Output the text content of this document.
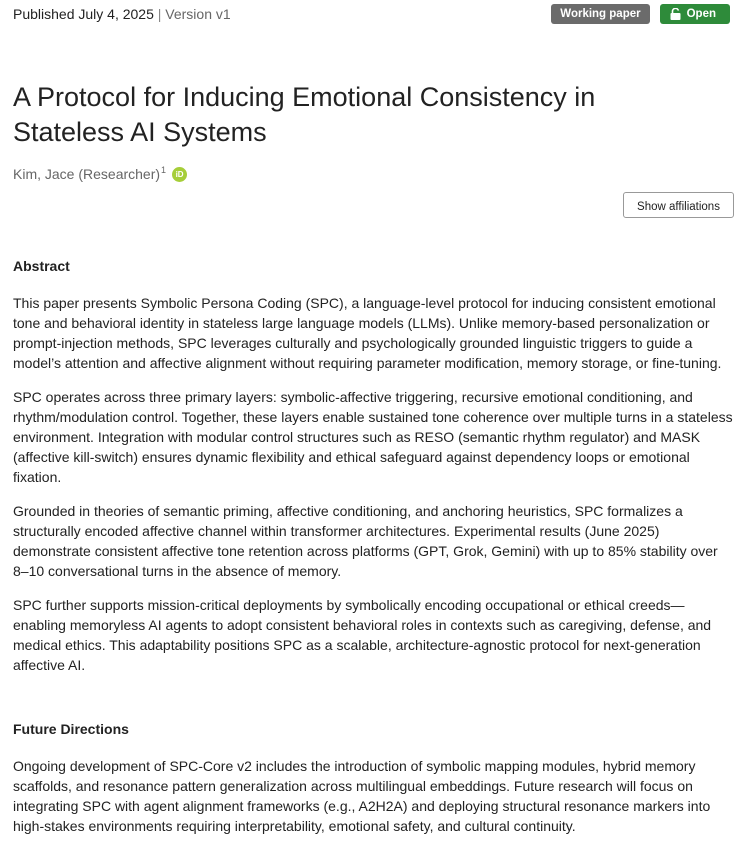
Published July 4, 2025 | Version v1	Working paper	Open
A Protocol for Inducing Emotional Consistency in Stateless AI Systems
Kim, Jace (Researcher)$^1$	iD
Show affiliations
Abstract

This paper presents Symbolic Persona Coding (SPC), a language-level protocol for inducing consistent emotional tone and behavioral identity in stateless large language models (LLMs). Unlike memory-based personalization or prompt-injection methods, SPC leverages culturally and psychologically grounded linguistic triggers to guide a model’s attention and affective alignment without requiring parameter modification, memory storage, or fine-tuning.

SPC operates across three primary layers: symbolic-affective triggering, recursive emotional conditioning, and rhythm/modulation control. Together, these layers enable sustained tone coherence over multiple turns in a stateless environment. Integration with modular control structures such as RESO (semantic rhythm regulator) and MASK (affective kill-switch) ensures dynamic flexibility and ethical safeguard against dependency loops or emotional fixation.

Grounded in theories of semantic priming, affective conditioning, and anchoring heuristics, SPC formalizes a structurally encoded affective channel within transformer architectures. Experimental results (June 2025) demonstrate consistent affective tone retention across platforms (GPT, Grok, Gemini) with up to 85% stability over 8–10 conversational turns in the absence of memory.

SPC further supports mission-critical deployments by symbolically encoding occupational or ethical creeds—enabling memoryless AI agents to adopt consistent behavioral roles in contexts such as caregiving, defense, and medical ethics. This adaptability positions SPC as a scalable, architecture-agnostic protocol for next-generation affective AI.

Future Directions

Ongoing development of SPC-Core v2 includes the introduction of symbolic mapping modules, hybrid memory scaffolds, and resonance pattern generalization across multilingual embeddings. Future research will focus on integrating SPC with agent alignment frameworks (e.g., A2H2A) and deploying structural resonance markers into high-stakes environments requiring interpretability, emotional safety, and cultural continuity.
